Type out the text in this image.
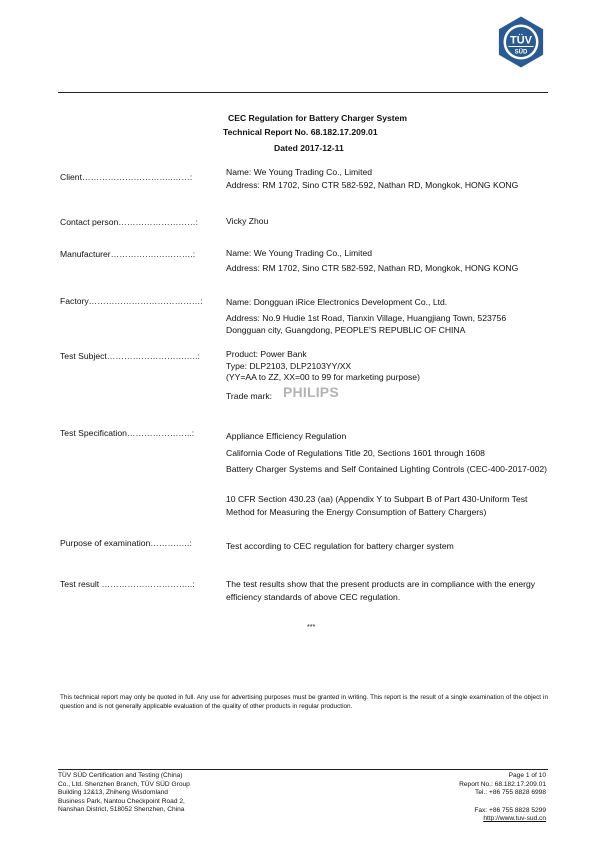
TÜV
SÜD
CEC Regulation for Battery Charger System
Technical Report No. 68.182.17.209.01
Dated 2017-12-11
Client…………………………..……:	Name: We Young Trading Co., Limited
Address: RM 1702, Sino CTR 582-592, Nathan RD, Mongkok, HONG KONG
Contact person………………………:	Vicky Zhou
Manufacturer…………….………….:	Name: We Young Trading Co., Limited
Address: RM 1702, Sino CTR 582-592, Nathan RD, Mongkok, HONG KONG
Factory…………………………………:	Name: Dongguan iRice Electronics Development Co., Ltd.
Address: No.9 Hudie 1st Road, Tianxin Village, Huangjiang Town, 523756
Dongguan city, Guangdong, PEOPLE'S REPUBLIC OF CHINA
Test Subject……………………….….:	Product: Power Bank
Type: DLP2103, DLP2103YY/XX
(YY=AA to ZZ, XX=00 to 99 for marketing purpose)
Trade mark: PHILIPS
Test Specification…………………..:	Appliance Efficiency Regulation
California Code of Regulations Title 20, Sections 1601 through 1608
Battery Charger Systems and Self Contained Lighting Controls (CEC-400-2017-002)
10 CFR Section 430.23 (aa) (Appendix Y to Subpart B of Part 430-Uniform Test Method for Measuring the Energy Consumption of Battery Chargers)
Purpose of examination……….….:	Test according to CEC regulation for battery charger system
Test result …………………………..:	The test results show that the present products are in compliance with the energy efficiency standards of above CEC regulation.
***
This technical report may only be quoted in full. Any use for advertising purposes must be granted in writing. This report is the result of a single examination of the object in question and is not generally applicable evaluation of the quality of other products in regular production.
TÜV SÜD Certification and Testing (China)
Co., Ltd. Shenzhen Branch, TÜV SÜD Group
Building 12&13, Zhiheng Wisdomland
Business Park, Nantou Checkpoint Road 2,
Nanshan District, 518052 Shenzhen, China
Page 1 of 10
Report No.: 68.182.17.209.01
Tel.: +86 755 8828 6998
Fax: +86 755 8828 5299
http://www.tuv-sud.cn
